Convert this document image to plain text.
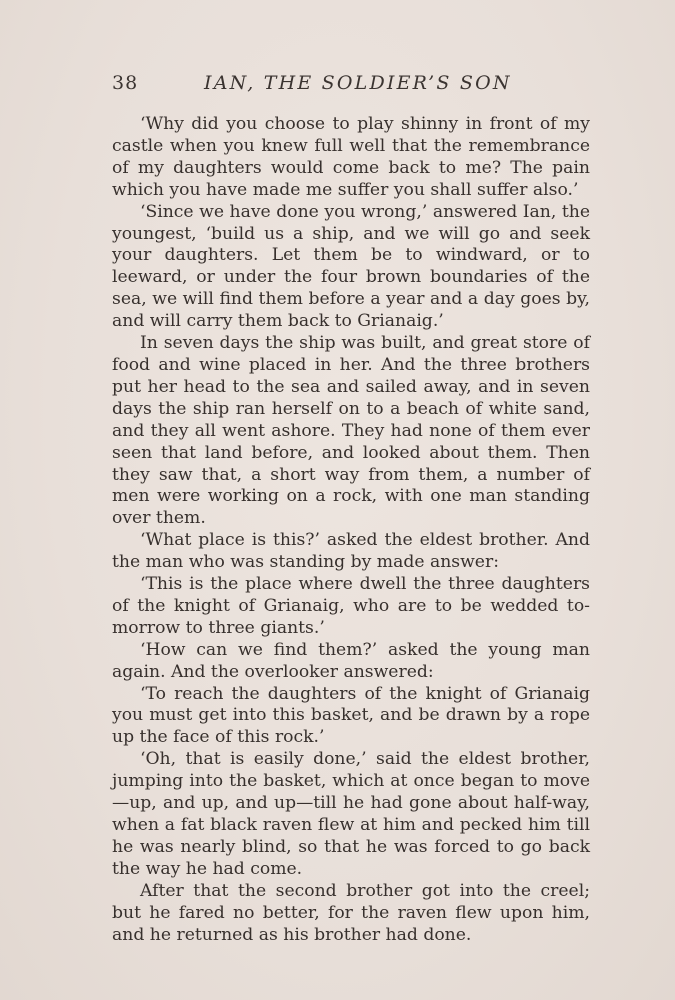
38	IAN, THE SOLDIER’S SON

‘Why did you choose to play shinny in front of my castle when you knew full well that the remembrance of my daughters would come back to me? The pain which you have made me suffer you shall suffer also.’

‘Since we have done you wrong,’ answered Ian, the youngest, ‘build us a ship, and we will go and seek your daughters. Let them be to windward, or to leeward, or under the four brown boundaries of the sea, we will find them before a year and a day goes by, and will carry them back to Grianaig.’

In seven days the ship was built, and great store of food and wine placed in her. And the three brothers put her head to the sea and sailed away, and in seven days the ship ran herself on to a beach of white sand, and they all went ashore. They had none of them ever seen that land before, and looked about them. Then they saw that, a short way from them, a number of men were working on a rock, with one man standing over them.

‘What place is this?’ asked the eldest brother. And the man who was standing by made answer:

‘This is the place where dwell the three daughters of the knight of Grianaig, who are to be wedded to-morrow to three giants.’

‘How can we find them?’ asked the young man again. And the overlooker answered:

‘To reach the daughters of the knight of Grianaig you must get into this basket, and be drawn by a rope up the face of this rock.’

‘Oh, that is easily done,’ said the eldest brother, jumping into the basket, which at once began to move—up, and up, and up—till he had gone about half-way, when a fat black raven flew at him and pecked him till he was nearly blind, so that he was forced to go back the way he had come.

After that the second brother got into the creel; but he fared no better, for the raven flew upon him, and he returned as his brother had done.
